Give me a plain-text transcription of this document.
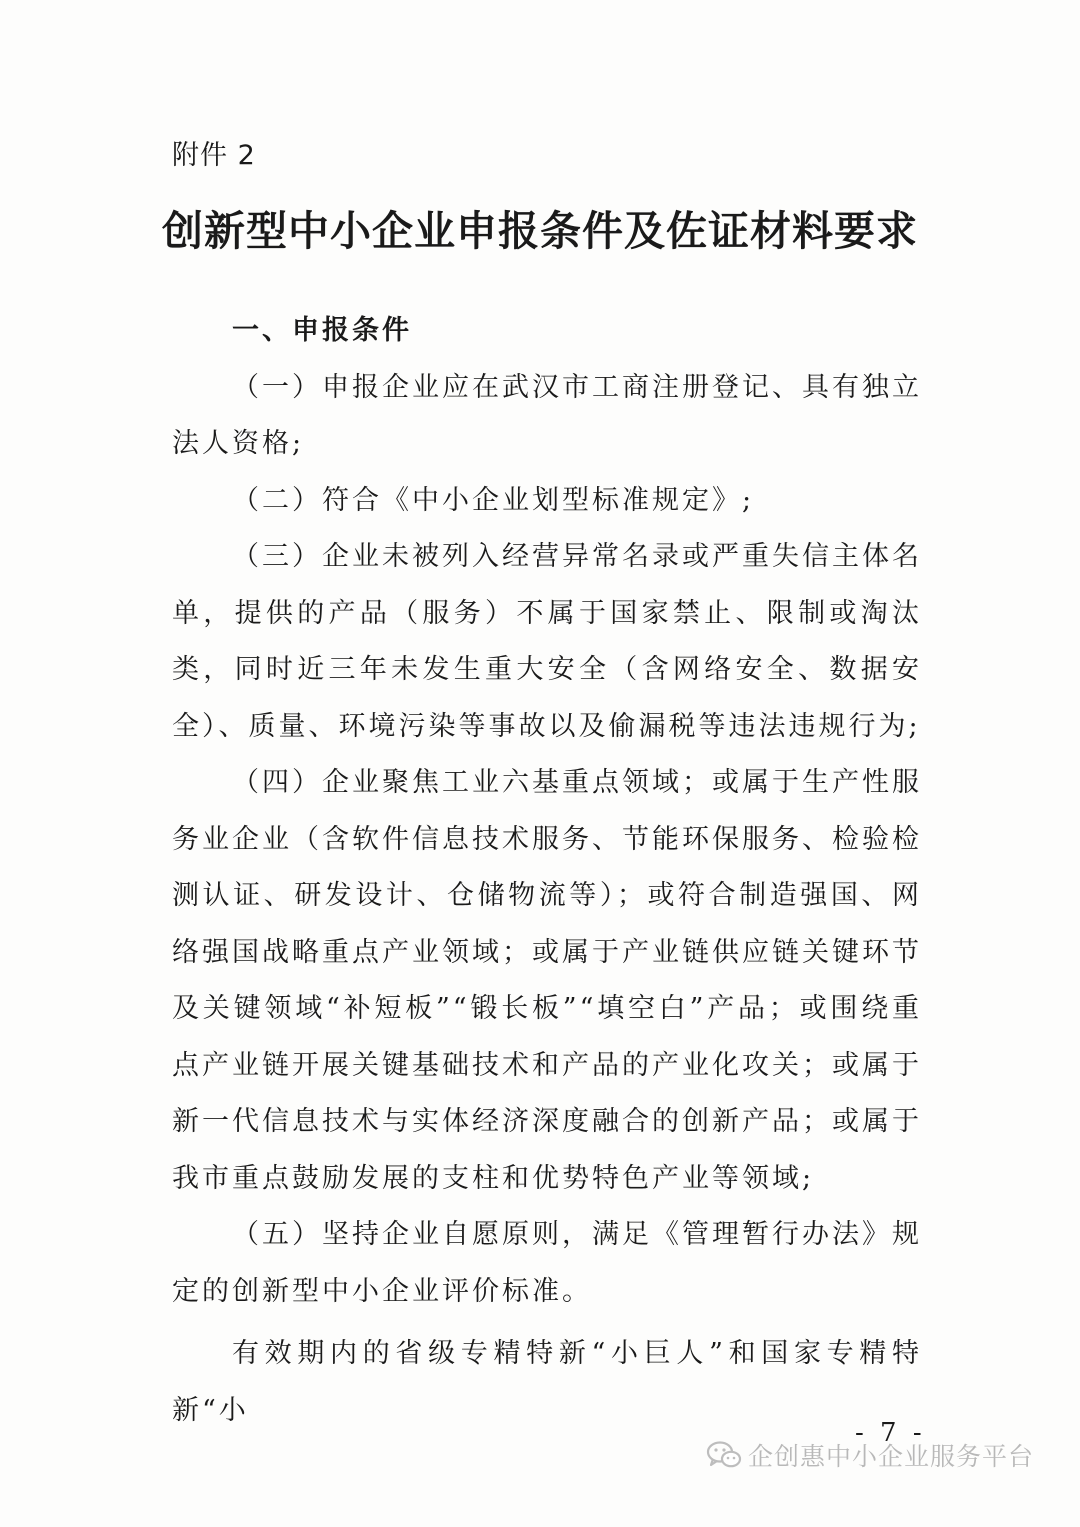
附件 2
创新型中小企业申报条件及佐证材料要求

一、申报条件

（一）申报企业应在武汉市工商注册登记、具有独立法人资格;

（二）符合《中小企业划型标准规定》;

（三）企业未被列入经营异常名录或严重失信主体名单，提供的产品（服务）不属于国家禁止、限制或淘汰类，同时近三年未发生重大安全（含网络安全、数据安全）、质量、环境污染等事故以及偷漏税等违法违规行为;

（四）企业聚焦工业六基重点领域；或属于生产性服务业企业（含软件信息技术服务、节能环保服务、检验检测认证、研发设计、仓储物流等）；或符合制造强国、网络强国战略重点产业领域；或属于产业链供应链关键环节及关键领域“补短板”“锻长板”“填空白”产品；或围绕重点产业链开展关键基础技术和产品的产业化攻关；或属于新一代信息技术与实体经济深度融合的创新产品；或属于我市重点鼓励发展的支柱和优势特色产业等领域;

（五）坚持企业自愿原则，满足《管理暂行办法》规定的创新型中小企业评价标准。

有效期内的省级专精特新“小巨人”和国家专精特新“小

- 7 -
企创惠中小企业服务平台
